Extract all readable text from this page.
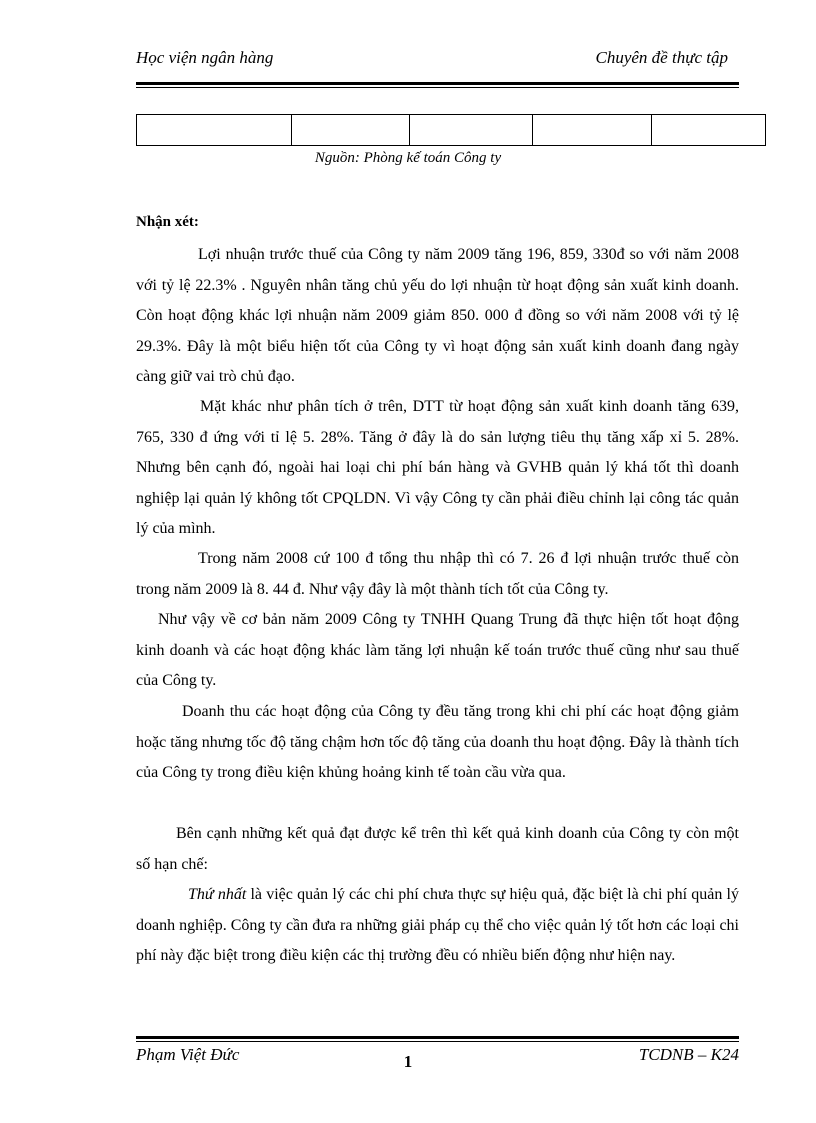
Học viện ngân hàng	Chuyên đề thực tập

Nguồn: Phòng kế toán Công ty
Nhận xét:
Lợi nhuận trước thuế của Công ty năm 2009 tăng 196, 859, 330đ so với năm 2008 với tỷ lệ 22.3% . Nguyên nhân tăng chủ yếu do lợi nhuận từ hoạt động sản xuất kinh doanh. Còn hoạt động khác lợi nhuận năm 2009 giảm 850. 000 đ đồng so với năm 2008 với tỷ lệ 29.3%. Đây là một biểu hiện tốt của Công ty vì hoạt động sản xuất kinh doanh đang ngày càng giữ vai trò chủ đạo.
Mặt khác như phân tích ở trên, DTT từ hoạt động sản xuất kinh doanh tăng 639, 765, 330 đ ứng với tỉ lệ 5. 28%. Tăng ở đây là do sản lượng tiêu thụ tăng xấp xỉ 5. 28%. Nhưng bên cạnh đó, ngoài hai loại chi phí bán hàng và GVHB quản lý khá tốt thì doanh nghiệp lại quản lý không tốt CPQLDN. Vì vậy Công ty cần phải điều chỉnh lại công tác quản lý của mình.
Trong năm 2008 cứ 100 đ tổng thu nhập thì có 7. 26 đ lợi nhuận trước thuế còn trong năm 2009 là 8. 44 đ. Như vậy đây là một thành tích tốt của Công ty.
Như vậy về cơ bản năm 2009 Công ty TNHH Quang Trung đã thực hiện tốt hoạt động kinh doanh và các hoạt động khác làm tăng lợi nhuận kế toán trước thuế cũng như sau thuế của Công ty.
Doanh thu các hoạt động của Công ty đều tăng trong khi chi phí các hoạt động giảm hoặc tăng nhưng tốc độ tăng chậm hơn tốc độ tăng của doanh thu hoạt động. Đây là thành tích của Công ty trong điều kiện khủng hoảng kinh tế toàn cầu vừa qua.
Bên cạnh những kết quả đạt được kể trên thì kết quả kinh doanh của Công ty còn một số hạn chế:
Thứ nhất là việc quản lý các chi phí chưa thực sự hiệu quả, đặc biệt là chi phí quản lý doanh nghiệp. Công ty cần đưa ra những giải pháp cụ thể cho việc quản lý tốt hơn các loại chi phí này đặc biệt trong điều kiện các thị trường đều có nhiều biến động như hiện nay.
Phạm Việt Đức	1	TCDNB – K24
